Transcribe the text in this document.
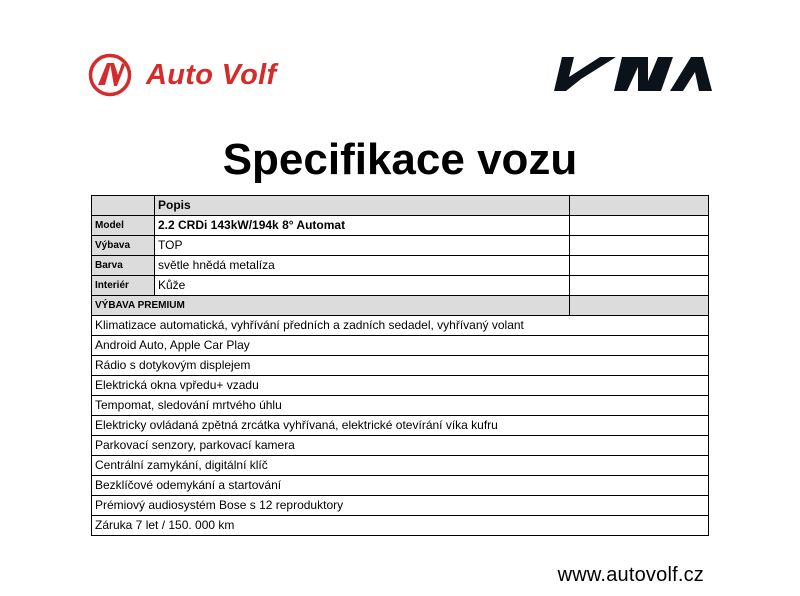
Auto Volf
Specifikace vozu
	Popis	
Model	2.2 CRDi 143kW/194k 8° Automat	
Výbava	TOP	
Barva	světle hnědá metalíza	
Interiér	Kůže	
VÝBAVA PREMIUM		
Klimatizace automatická, vyhřívání předních a zadních sedadel, vyhřívaný volant		
Android Auto, Apple Car Play		
Rádio s dotykovým displejem		
Elektrická okna vpředu+ vzadu		
Tempomat, sledování mrtvého úhlu		
Elektricky ovládaná zpětná zrcátka vyhřívaná, elektrické otevírání víka kufru		
Parkovací senzory, parkovací kamera		
Centrální zamykání, digitální klíč		
Bezklíčové odemykání a startování		
Prémiový audiosystém Bose s 12 reproduktory		
Záruka 7 let / 150. 000 km		
www.autovolf.cz
